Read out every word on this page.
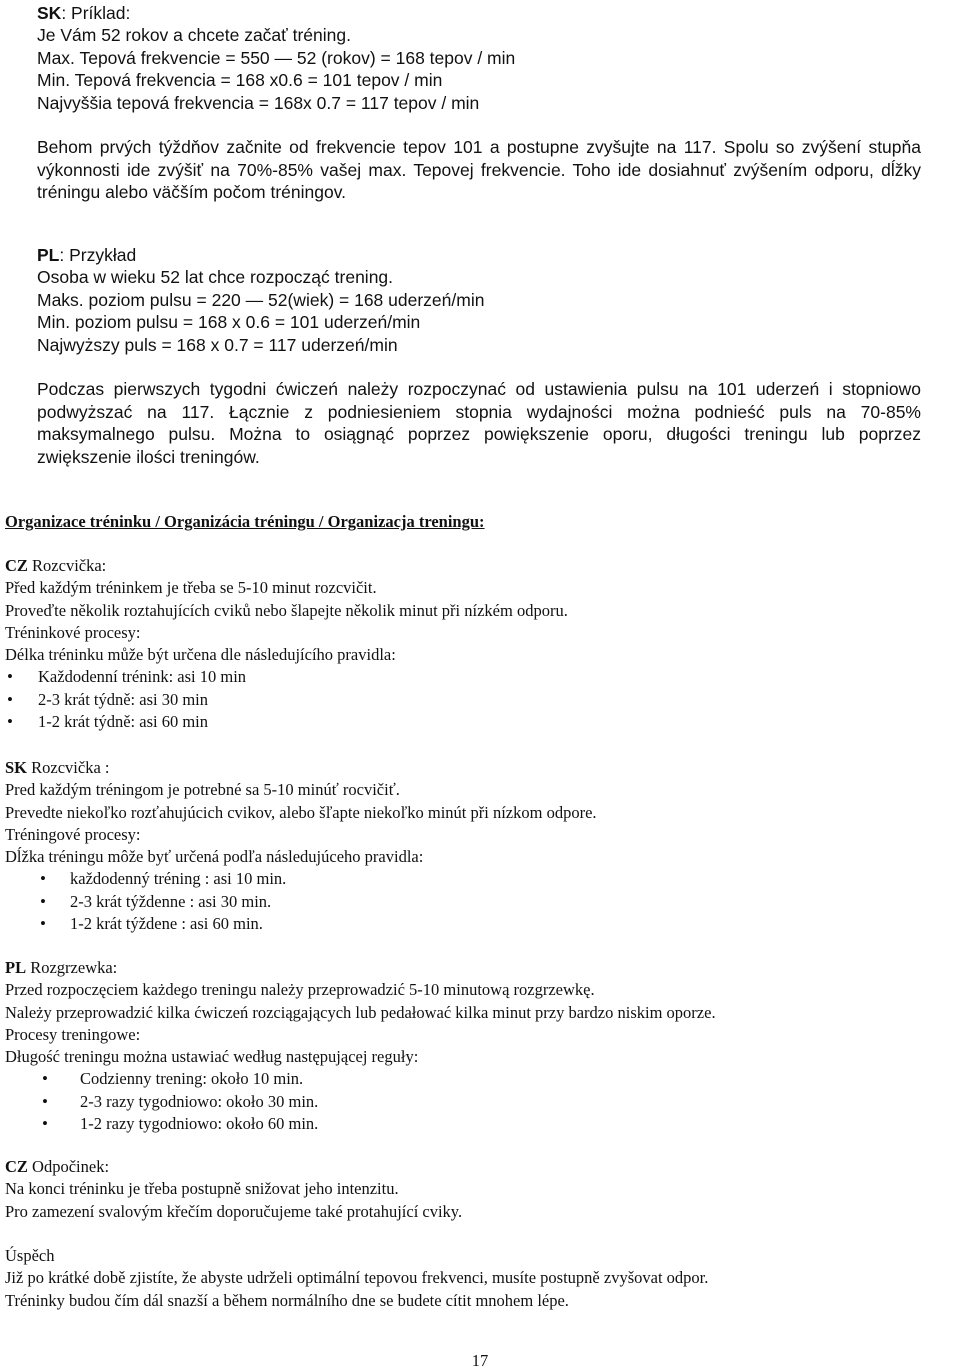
SK: Príklad:

Je Vám 52 rokov a chcete začať tréning.

Max. Tepová frekvencie = 550 — 52 (rokov) = 168 tepov / min

Min. Tepová frekvencia = 168 x0.6 = 101 tepov / min

Najvyššia tepová frekvencia = 168x 0.7 = 117 tepov / min

Behom prvých týždňov začnite od frekvencie tepov 101 a postupne zvyšujte na 117. Spolu so zvýšení stupňa výkonnosti ide zvýšiť na 70%-85% vašej max. Tepovej frekvencie. Toho ide dosiahnuť zvýšením odporu, dĺžky tréningu alebo väčším počom tréningov.

PL: Przykład

Osoba w wieku 52 lat chce rozpocząć trening.

Maks. poziom pulsu = 220 — 52(wiek) = 168 uderzeń/min

Min. poziom pulsu = 168 x 0.6 = 101 uderzeń/min

Najwyższy puls = 168 x 0.7 = 117 uderzeń/min

Podczas pierwszych tygodni ćwiczeń należy rozpoczynać od ustawienia pulsu na 101 uderzeń i stopniowo podwyższać na 117. Łącznie z podniesieniem stopnia wydajności można podnieść puls na 70-85% maksymalnego pulsu. Można to osiągnąć poprzez powiększenie oporu, długości treningu lub poprzez zwiększenie ilości treningów.

Organizace tréninku / Organizácia tréningu / Organizacja treningu:

CZ Rozcvička:

Před každým tréninkem je třeba se 5-10 minut rozcvičit.

Proveďte několik roztahujících cviků nebo šlapejte několik minut při nízkém odporu.

Tréninkové procesy:

Délka tréninku může být určena dle následujícího pravidla:

• Každodenní trénink: asi 10 min
• 2-3 krát týdně: asi 30 min
• 1-2 krát týdně: asi 60 min

SK Rozcvička :

Pred každým tréningom je potrebné sa 5-10 minúť rocvičiť.

Prevedte niekoľko rozťahujúcich cvikov, alebo šľapte niekoľko minút při nízkom odpore.

Tréningové procesy:

Dĺžka tréningu môže byť určená podľa následujúceho pravidla:

• každodenný tréning : asi 10 min.
• 2-3 krát týždenne : asi 30 min.
• 1-2 krát týždene : asi 60 min.

PL Rozgrzewka:

Przed rozpoczęciem każdego treningu należy przeprowadzić 5-10 minutową rozgrzewkę.

Należy przeprowadzić kilka ćwiczeń rozciągających lub pedałować kilka minut przy bardzo niskim oporze.

Procesy treningowe:

Długość treningu można ustawiać według następującej reguły:

• Codzienny trening: około 10 min.
• 2-3 razy tygodniowo: około 30 min.
• 1-2 razy tygodniowo: około 60 min.

CZ Odpočinek:

Na konci tréninku je třeba postupně snižovat jeho intenzitu.

Pro zamezení svalovým křečím doporučujeme také protahující cviky.

Úspěch

Již po krátké době zjistíte, že abyste udrželi optimální tepovou frekvenci, musíte postupně zvyšovat odpor.

Tréninky budou čím dál snazší a během normálního dne se budete cítit mnohem lépe.

17
